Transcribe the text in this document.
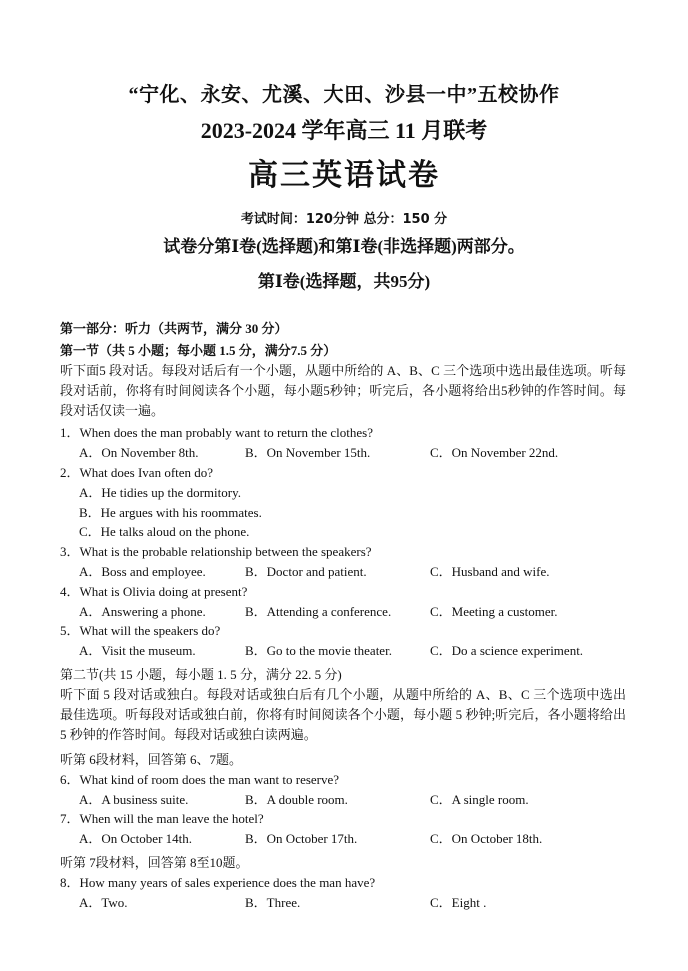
“宁化、永安、尤溪、大田、沙县一中”五校协作
2023-2024 学年高三 11 月联考
高三英语试卷
考试时间：120分钟 总分：150 分
试卷分第Ⅰ卷(选择题)和第Ⅰ卷(非选择题)两部分。
第Ⅰ卷(选择题，共95分)
第一部分：听力（共两节，满分 30 分）
第一节（共 5 小题；每小题 1.5 分，满分7.5 分）
听下面5 段对话。每段对话后有一个小题，从题中所给的 A、B、C 三个选项中选出最佳选项。听每段对话前，你将有时间阅读各个小题，每小题5秒钟；听完后，各小题将给出5秒钟的作答时间。每段对话仅读一遍。
1．When does the man probably want to return the clothes?
A．On November 8th.	B．On November 15th.	C．On November 22nd.
2．What does Ivan often do?
A．He tidies up the dormitory.
B．He argues with his roommates.
C．He talks aloud on the phone.
3．What is the probable relationship between the speakers?
A．Boss and employee.	B．Doctor and patient.	C．Husband and wife.
4．What is Olivia doing at present?
A．Answering a phone.	B．Attending a conference.	C．Meeting a customer.
5．What will the speakers do?
A．Visit the museum.	B．Go to the movie theater.	C．Do a science experiment.
第二节(共 15 小题，每小题 1. 5 分，满分 22. 5 分)
听下面 5 段对话或独白。每段对话或独白后有几个小题，从题中所给的 A、B、C 三个选项中选出最佳选项。听每段对话或独白前，你将有时间阅读各个小题，每小题 5 秒钟;听完后，各小题将给出 5 秒钟的作答时间。每段对话或独白读两遍。
听第 6段材料，回答第 6、7题。
6．What kind of room does the man want to reserve?
A．A business suite.	B．A double room.	C．A single room.
7．When will the man leave the hotel?
A．On October 14th.	B．On October 17th.	C．On October 18th.
听第 7段材料，回答第 8至10题。
8．How many years of sales experience does the man have?
A．Two.	B．Three.	C．Eight .
